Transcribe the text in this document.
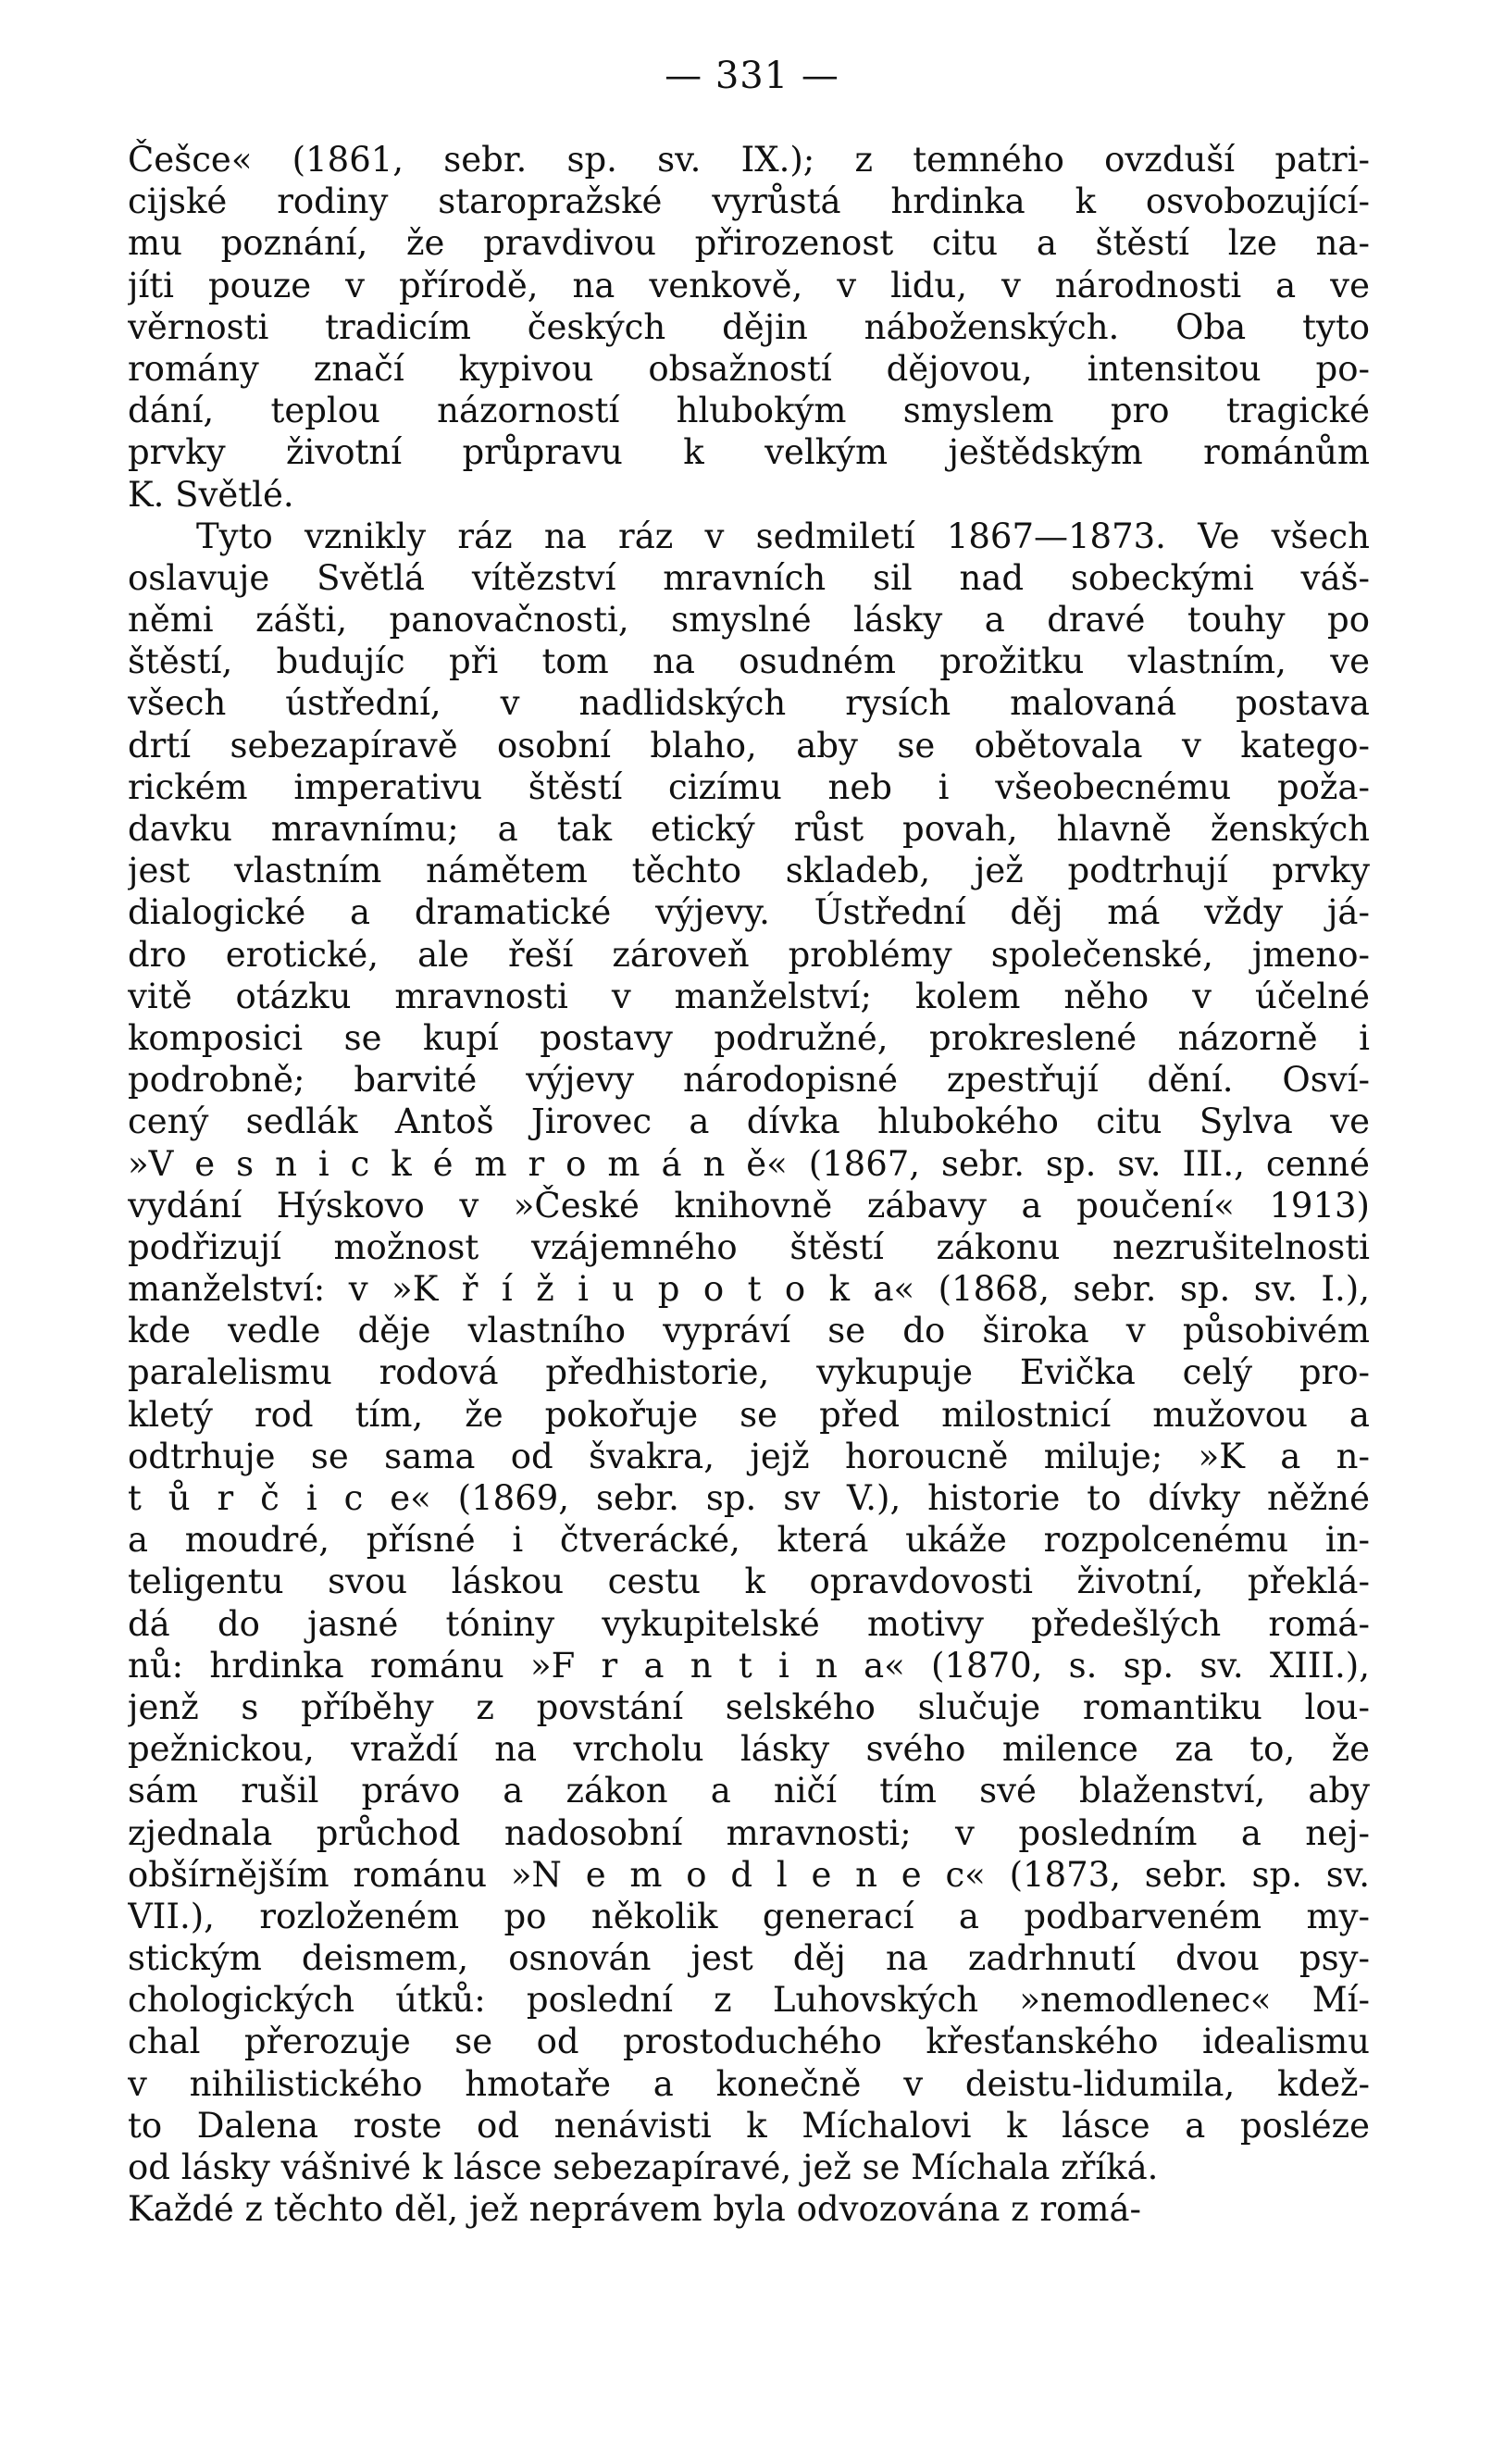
— 331 —
Češce« (1861, sebr. sp. sv. IX.); z temného ovzduší patri-
cijské rodiny staropražské vyrůstá hrdinka k osvobozující-
mu poznání, že pravdivou přirozenost citu a štěstí lze na-
jíti pouze v přírodě, na venkově, v lidu, v národnosti a ve
věrnosti tradicím českých dějin náboženských. Oba tyto
romány značí kypivou obsažností dějovou, intensitou po-
dání, teplou názorností hlubokým smyslem pro tragické
prvky životní průpravu k velkým ještědským románům
K. Světlé.
Tyto vznikly ráz na ráz v sedmiletí 1867—1873. Ve všech
oslavuje Světlá vítězství mravních sil nad sobeckými váš-
němi zášti, panovačnosti, smyslné lásky a dravé touhy po
štěstí, budujíc při tom na osudném prožitku vlastním, ve
všech ústřední, v nadlidských rysích malovaná postava
drtí sebezapíravě osobní blaho, aby se obětovala v katego-
rickém imperativu štěstí cizímu neb i všeobecnému poža-
davku mravnímu; a tak etický růst povah, hlavně ženských
jest vlastním námětem těchto skladeb, jež podtrhují prvky
dialogické a dramatické výjevy. Ústřední děj má vždy já-
dro erotické, ale řeší zároveň problémy společenské, jmeno-
vitě otázku mravnosti v manželství; kolem něho v účelné
komposici se kupí postavy podružné, prokreslené názorně i
podrobně; barvité výjevy národopisné zpestřují dění. Osví-
cený sedlák Antoš Jirovec a dívka hlubokého citu Sylva ve
»V e s n i c k é m r o m á n ě« (1867, sebr. sp. sv. III., cenné
vydání Hýskovo v »České knihovně zábavy a poučení« 1913)
podřizují možnost vzájemného štěstí zákonu nezrušitelnosti
manželství: v »K ř í ž i u p o t o k a« (1868, sebr. sp. sv. I.),
kde vedle děje vlastního vypráví se do široka v působivém
paralelismu rodová předhistorie, vykupuje Evička celý pro-
kletý rod tím, že pokořuje se před milostnicí mužovou a
odtrhuje se sama od švakra, jejž horoucně miluje; »K a n-
t ů r č i c e« (1869, sebr. sp. sv V.), historie to dívky něžné
a moudré, přísné i čtverácké, která ukáže rozpolcenému in-
teligentu svou láskou cestu k opravdovosti životní, překlá-
dá do jasné tóniny vykupitelské motivy předešlých romá-
nů: hrdinka románu »F r a n t i n a« (1870, s. sp. sv. XIII.),
jenž s příběhy z povstání selského slučuje romantiku lou-
pežnickou, vraždí na vrcholu lásky svého milence za to, že
sám rušil právo a zákon a ničí tím své blaženství, aby
zjednala průchod nadosobní mravnosti; v posledním a nej-
obšírnějším románu »N e m o d l e n e c« (1873, sebr. sp. sv.
VII.), rozloženém po několik generací a podbarveném my-
stickým deismem, osnován jest děj na zadrhnutí dvou psy-
chologických útků: poslední z Luhovských »nemodlenec« Mí-
chal přerozuje se od prostoduchého křesťanského idealismu
v nihilistického hmotaře a konečně v deistu-lidumila, kdež-
to Dalena roste od nenávisti k Míchalovi k lásce a posléze
od lásky vášnivé k lásce sebezapíravé, jež se Míchala zříká.
Každé z těchto děl, jež neprávem byla odvozována z romá-
